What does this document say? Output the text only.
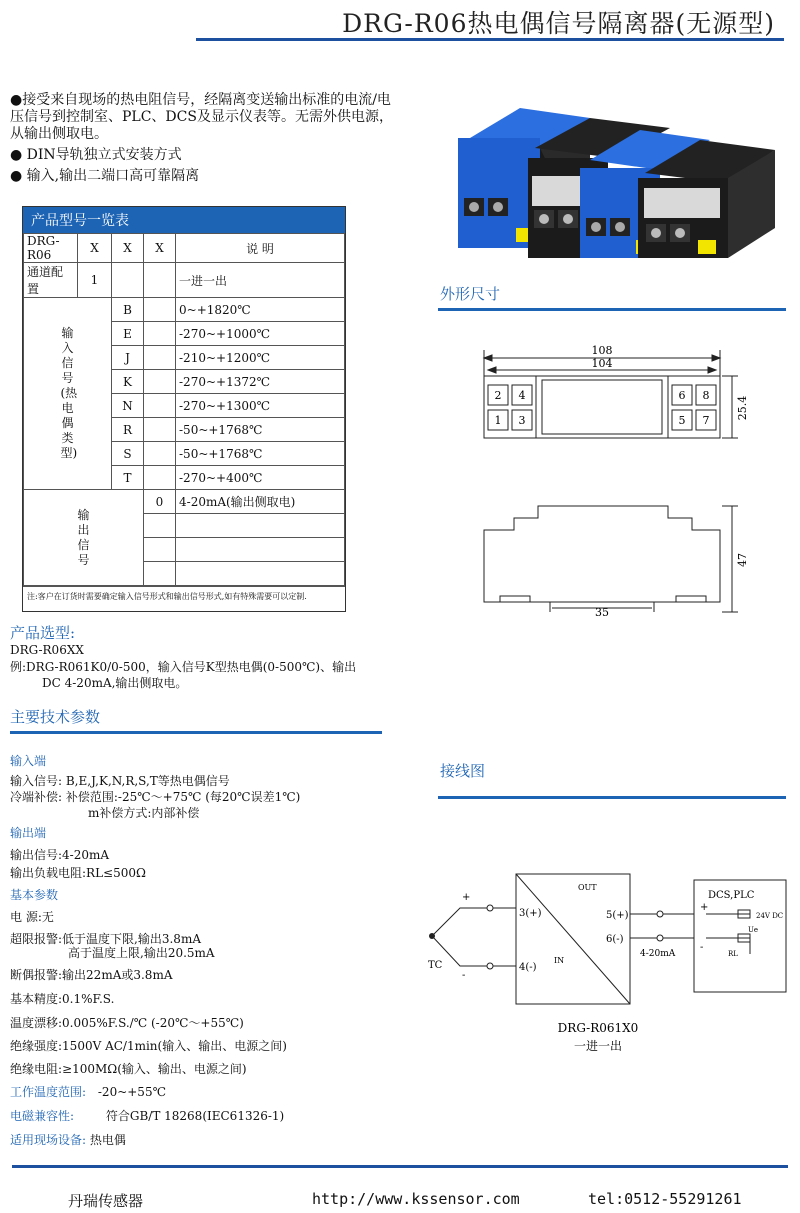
DRG-R06热电偶信号隔离器(无源型)

●接受来自现场的热电阻信号，经隔离变送输出标准的电流/电压信号到控制室、PLC、DCS及显示仪表等。无需外供电源，从输出侧取电。

● DIN导轨独立式安装方式

● 输入,输出二端口高可靠隔离

产品型号一览表
DRG-R06	X	X	X	说 明
通道配置	1			一进一出

输入信号(热电偶类型)		B		0~+1820℃
		E		-270~+1000℃
		J		-210~+1200℃
		K		-270~+1372℃
		N		-270~+1300℃
		R		-50~+1768℃
		S		-50~+1768℃
		T		-270~+400℃

输出信号			0	4-20mA(输出侧取电)

注:客户在订货时需要确定输入信号形式和输出信号形式,如有特殊需要可以定制.
产品选型:
DRG-R06XX
例:DRG-R061K0/0-500，输入信号K型热电偶(0-500℃)、输出
DC 4-20mA,输出侧取电。
主要技术参数
输入端
输入信号: B,E,J,K,N,R,S,T等热电偶信号
冷端补偿: 补偿范围:-25℃～+75℃ (每20℃误差1℃)
m补偿方式:内部补偿
输出端
输出信号:4-20mA
输出负载电阻:RL≤500Ω
基本参数
电 源:无
超限报警:低于温度下限,输出3.8mA
高于温度上限,输出20.5mA
断偶报警:输出22mA或3.8mA
基本精度:0.1%F.S.
温度漂移:0.005%F.S./℃ (-20℃～+55℃)
绝缘强度:1500V AC/1min(输入、输出、电源之间)
绝缘电阻:≥100MΩ(输入、输出、电源之间)
工作温度范围: -20~+55℃
电磁兼容性:	符合GB/T 18268(IEC61326-1)
适用现场设备: 热电偶
外形尺寸
108
104
25.4
47
35
2 4
1 3
6 8
5 7
接线图
+
-
TC
3(+)
4(-)
IN
OUT
5(+)
6(-)
4-20mA
DCS,PLC
24V DC
Ue
RL
+
-
DRG-R061X0
一进一出
丹瑞传感器	http://www.kssensor.com	tel:0512-55291261
